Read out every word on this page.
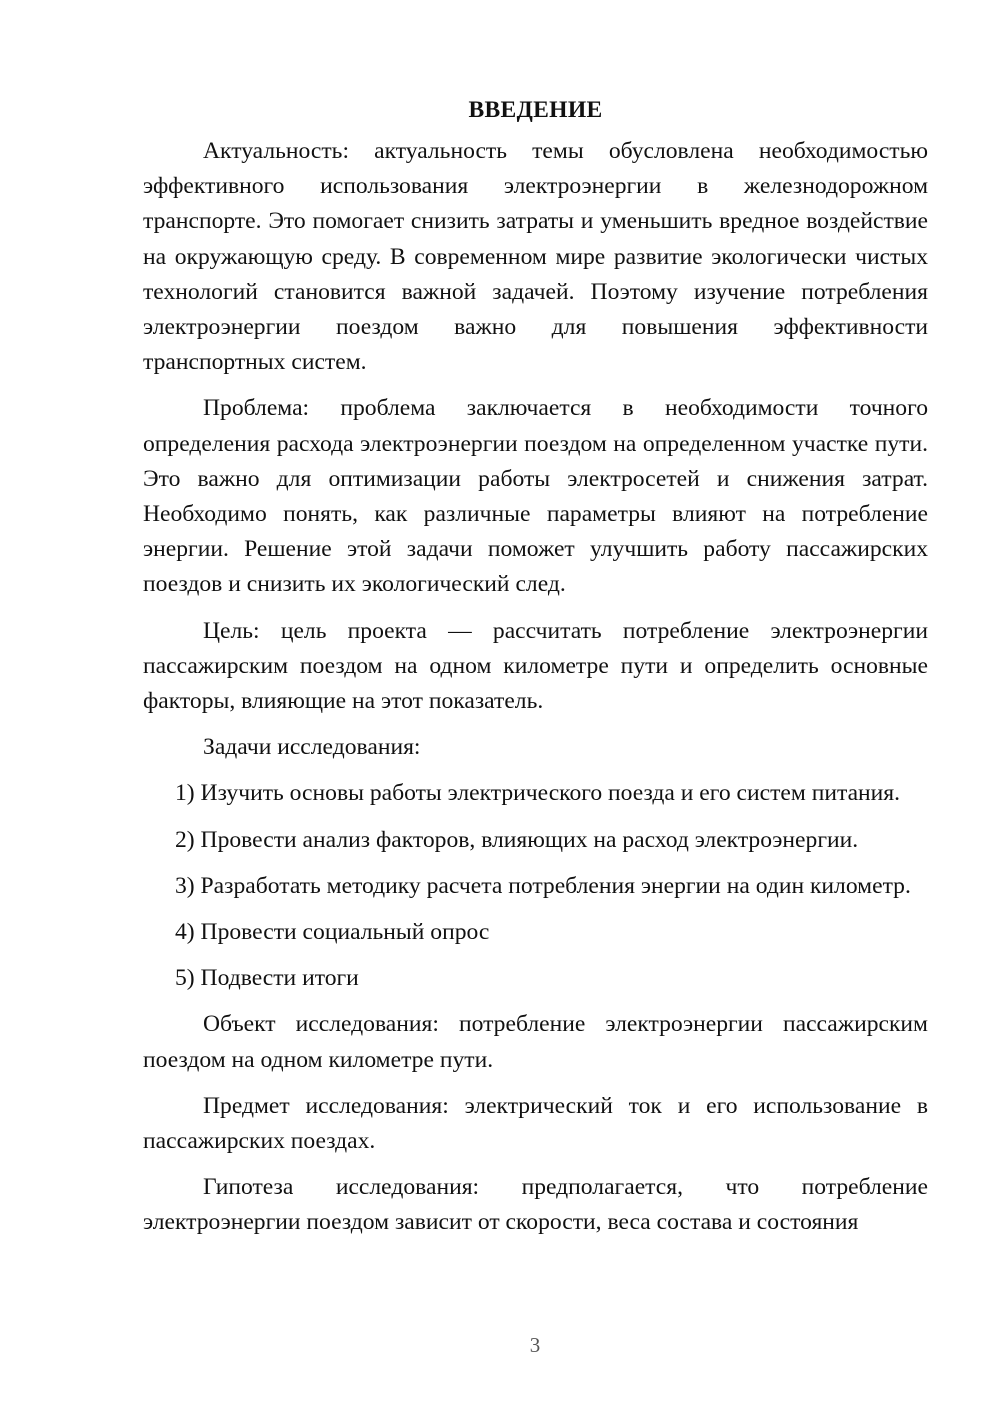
ВВЕДЕНИЕ

Актуальность: актуальность темы обусловлена необходимостью эффективного использования электроэнергии в железнодорожном транспорте. Это помогает снизить затраты и уменьшить вредное воздействие на окружающую среду. В современном мире развитие экологически чистых технологий становится важной задачей. Поэтому изучение потребления электроэнергии поездом важно для повышения эффективности транспортных систем.

Проблема: проблема заключается в необходимости точного определения расхода электроэнергии поездом на определенном участке пути. Это важно для оптимизации работы электросетей и снижения затрат. Необходимо понять, как различные параметры влияют на потребление энергии. Решение этой задачи поможет улучшить работу пассажирских поездов и снизить их экологический след.

Цель: цель проекта — рассчитать потребление электроэнергии пассажирским поездом на одном километре пути и определить основные факторы, влияющие на этот показатель.

Задачи исследования:

1) Изучить основы работы электрического поезда и его систем питания.

2) Провести анализ факторов, влияющих на расход электроэнергии.

3) Разработать методику расчета потребления энергии на один километр.

4) Провести социальный опрос

5) Подвести итоги

Объект исследования: потребление электроэнергии пассажирским поездом на одном километре пути.

Предмет исследования: электрический ток и его использование в пассажирских поездах.

Гипотеза исследования: предполагается, что потребление электроэнергии поездом зависит от скорости, веса состава и состояния

3
